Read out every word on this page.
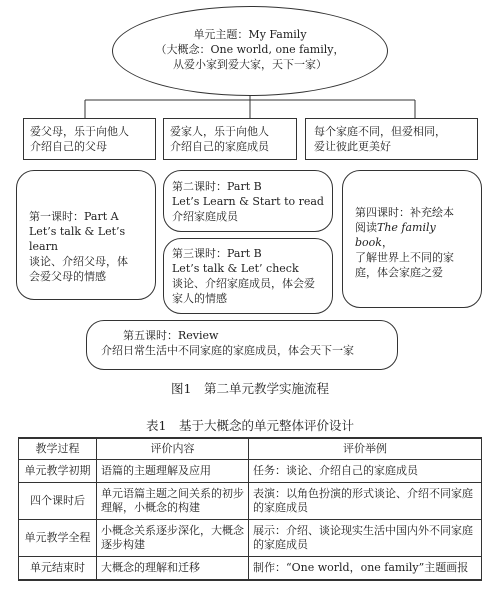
单元主题：My Family
（大概念：One world, one family，
从爱小家到爱大家，天下一家）
爱父母，乐于向他人
介绍自己的父母
爱家人，乐于向他人
介绍自己的家庭成员
每个家庭不同，但爱相同，
爱让彼此更美好
第一课时：Part A
Let’s talk & Let’s learn
谈论、介绍父母，体
会爱父母的情感
第二课时：Part B
Let’s Learn & Start to read
介绍家庭成员
第三课时：Part B
Let’s talk & Let’ check
谈论、介绍家庭成员，体会爱
家人的情感
第四课时：补充绘本
阅读The family book，
了解世界上不同的家
庭，体会家庭之爱
第五课时：Review
介绍日常生活中不同家庭的家庭成员，体会天下一家
图1　第二单元教学实施流程
表1　基于大概念的单元整体评价设计
教学过程	评价内容	评价举例
单元教学初期	语篇的主题理解及应用	任务：谈论、介绍自己的家庭成员
四个课时后	单元语篇主题之间关系的初步理解，小概念的构建	表演：以角色扮演的形式谈论、介绍不同家庭的家庭成员
单元教学全程	小概念关系逐步深化，大概念逐步构建	展示：介绍、谈论现实生活中国内外不同家庭的家庭成员
单元结束时	大概念的理解和迁移	制作：“One world，one family”主题画报
